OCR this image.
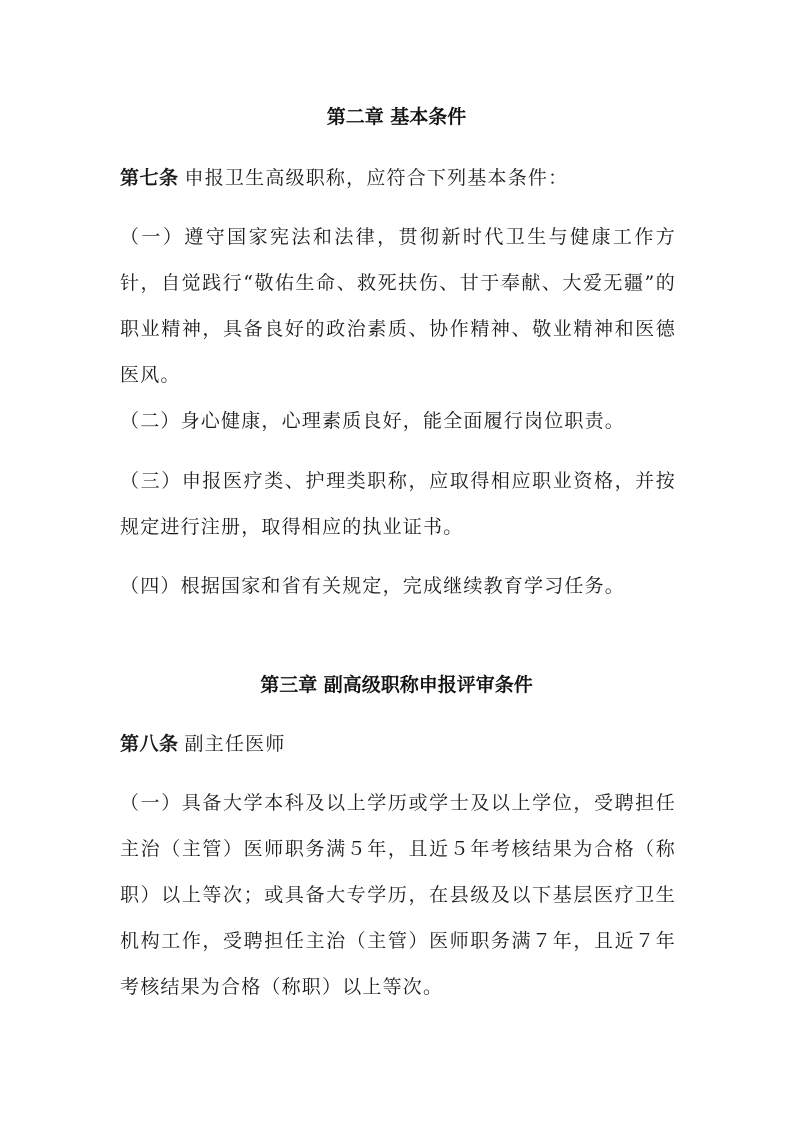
第二章 基本条件
第七条 申报卫生高级职称，应符合下列基本条件：
（一）遵守国家宪法和法律，贯彻新时代卫生与健康工作方针，自觉践行“敬佑生命、救死扶伤、甘于奉献、大爱无疆”的职业精神，具备良好的政治素质、协作精神、敬业精神和医德医风。
（二）身心健康，心理素质良好，能全面履行岗位职责。
（三）申报医疗类、护理类职称，应取得相应职业资格，并按规定进行注册，取得相应的执业证书。
（四）根据国家和省有关规定，完成继续教育学习任务。
第三章 副高级职称申报评审条件
第八条 副主任医师
（一）具备大学本科及以上学历或学士及以上学位，受聘担任主治（主管）医师职务满５年，且近５年考核结果为合格（称职）以上等次；或具备大专学历，在县级及以下基层医疗卫生机构工作，受聘担任主治（主管）医师职务满７年，且近７年考核结果为合格（称职）以上等次。
